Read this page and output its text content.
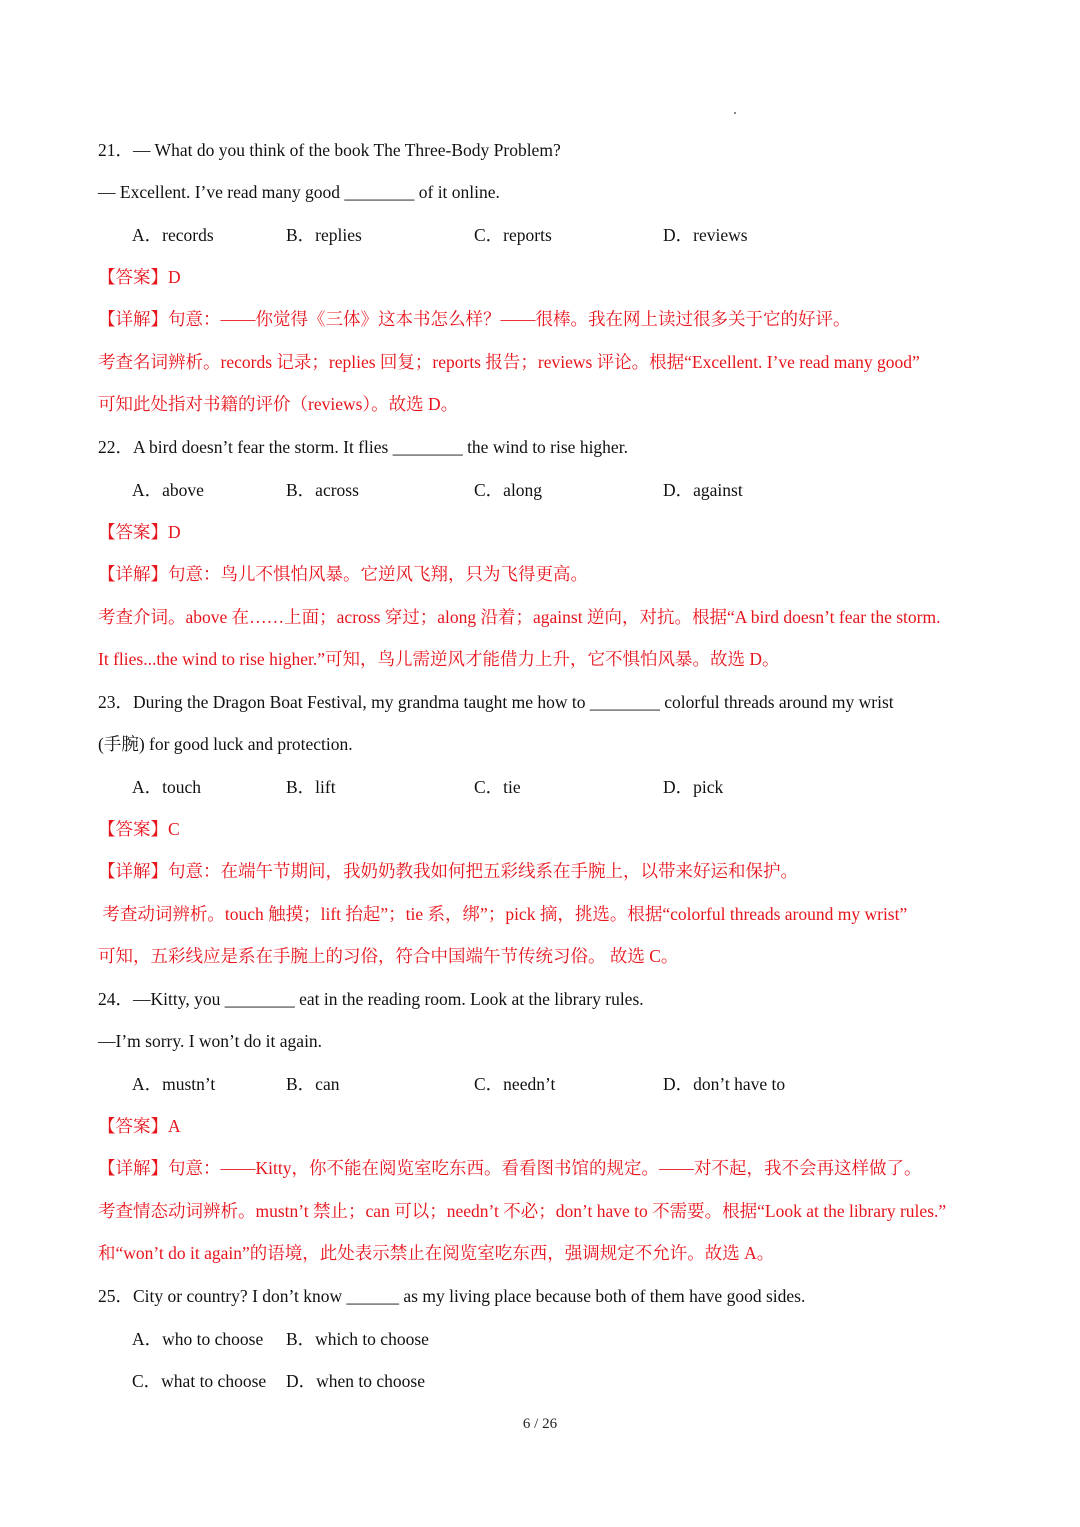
21．— What do you think of the book The Three-Body Problem?
— Excellent. I’ve read many good ________ of it online.
A．records	B．replies	C．reports	D．reviews
【答案】D
【详解】句意：——你觉得《三体》这本书怎么样？——很棒。我在网上读过很多关于它的好评。
考查名词辨析。records 记录；replies 回复；reports 报告；reviews 评论。根据“Excellent. I’ve read many good”
可知此处指对书籍的评价（reviews）。故选 D。
22．A bird doesn’t fear the storm. It flies ________ the wind to rise higher.
A．above	B．across	C．along	D．against
【答案】D
【详解】句意：鸟儿不惧怕风暴。它逆风飞翔，只为飞得更高。
考查介词。above 在……上面；across 穿过；along 沿着；against 逆向，对抗。根据“A bird doesn’t fear the storm.
It flies...the wind to rise higher.”可知，鸟儿需逆风才能借力上升，它不惧怕风暴。故选 D。
23．During the Dragon Boat Festival, my grandma taught me how to ________ colorful threads around my wrist
(手腕) for good luck and protection.
A．touch	B．lift	C．tie	D．pick
【答案】C
【详解】句意：在端午节期间，我奶奶教我如何把五彩线系在手腕上，以带来好运和保护。
考查动词辨析。touch 触摸；lift 抬起”；tie 系，绑”；pick 摘，挑选。根据“colorful threads around my wrist”
可知，五彩线应是系在手腕上的习俗，符合中国端午节传统习俗。 故选 C。
24．—Kitty, you ________ eat in the reading room. Look at the library rules.
—I’m sorry. I won’t do it again.
A．mustn’t	B．can	C．needn’t	D．don’t have to
【答案】A
【详解】句意：——Kitty，你不能在阅览室吃东西。看看图书馆的规定。——对不起，我不会再这样做了。
考查情态动词辨析。mustn’t 禁止；can 可以；needn’t 不必；don’t have to 不需要。根据“Look at the library rules.”
和“won’t do it again”的语境，此处表示禁止在阅览室吃东西，强调规定不允许。故选 A。
25．City or country? I don’t know ______ as my living place because both of them have good sides.
A．who to choose B．which to choose
C．what to choose D．when to choose
6 / 26
